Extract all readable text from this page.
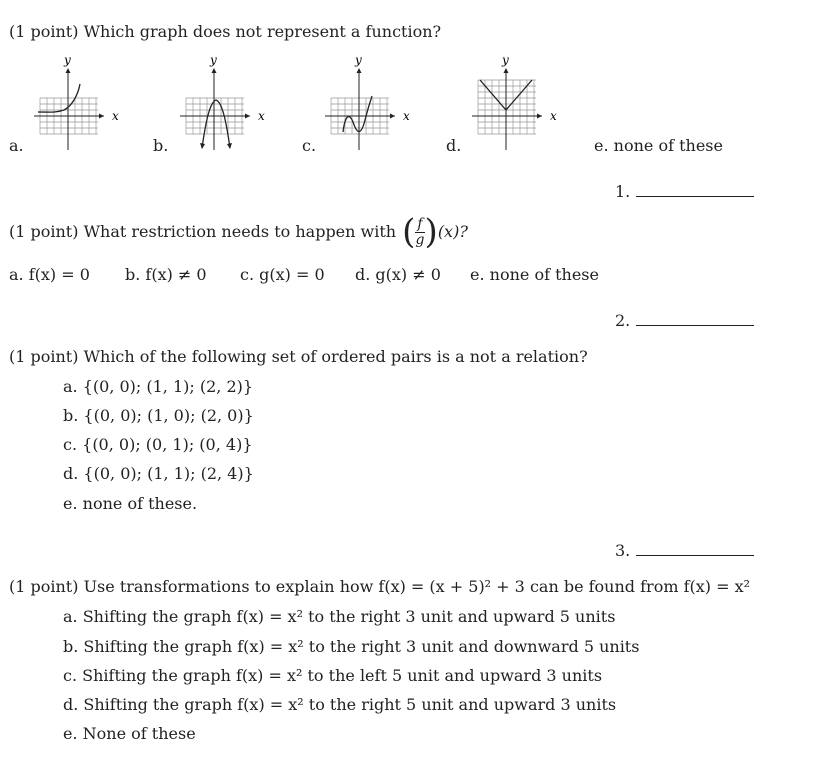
(1 point) Which graph does not represent a function?
y
x
y
x
y
x
y
x
a.	b.	c.	d.	e. none of these
1.
(1 point) What restriction needs to happen with ( $\frac{f}{g}$ ) (x)?
a. f(x) = 0 b. f(x) ≠ 0 c. g(x) = 0 d. g(x) ≠ 0 e. none of these
2.
(1 point) Which of the following set of ordered pairs is a not a relation?
a. {(0, 0); (1, 1); (2, 2)}
b. {(0, 0); (1, 0); (2, 0)}
c. {(0, 0); (0, 1); (0, 4)}
d. {(0, 0); (1, 1); (2, 4)}
e. none of these.
3.
(1 point) Use transformations to explain how f(x) = (x + 5)² + 3 can be found from f(x) = x²
a. Shifting the graph f(x) = x² to the right 3 unit and upward 5 units
b. Shifting the graph f(x) = x² to the right 3 unit and downward 5 units
c. Shifting the graph f(x) = x² to the left 5 unit and upward 3 units
d. Shifting the graph f(x) = x² to the right 5 unit and upward 3 units
e. None of these
